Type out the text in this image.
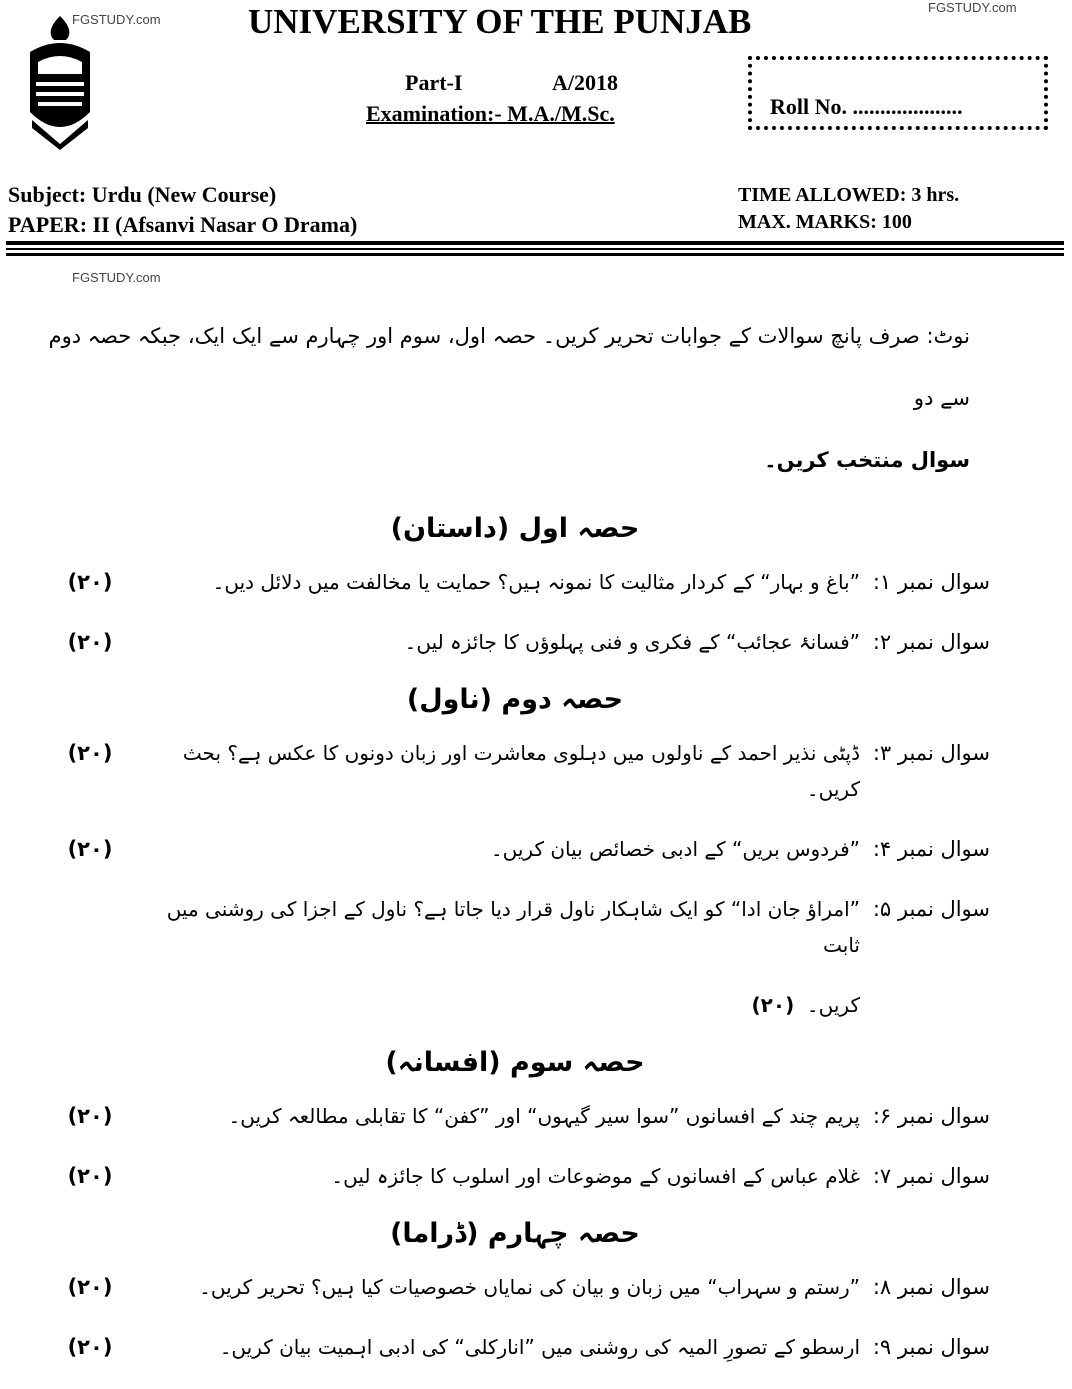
FGSTUDY.com
FGSTUDY.com
FGSTUDY.com
UNIVERSITY OF THE PUNJAB
Part-I	A/2018
Examination:- M.A./M.Sc.	Roll No. ....................
Subject: Urdu (New Course)
PAPER: II (Afsanvi Nasar O Drama)
TIME ALLOWED: 3 hrs.
MAX. MARKS: 100
نوٹ: صرف پانچ سوالات کے جوابات تحریر کریں۔ حصہ اول، سوم اور چہارم سے ایک ایک، جبکہ حصہ دوم سے دو
سوال منتخب کریں۔
حصہ اول (داستان)
سوال نمبر ۱:
”باغ و بہار“ کے کردار مثالیت کا نمونہ ہیں؟ حمایت یا مخالفت میں دلائل دیں۔
(۲۰)
سوال نمبر ۲:
”فسانۂ عجائب“ کے فکری و فنی پہلوؤں کا جائزہ لیں۔
(۲۰)
حصہ دوم (ناول)
سوال نمبر ۳:
ڈپٹی نذیر احمد کے ناولوں میں دہلوی معاشرت اور زبان دونوں کا عکس ہے؟ بحث کریں۔
(۲۰)
سوال نمبر ۴:
”فردوس بریں“ کے ادبی خصائص بیان کریں۔
(۲۰)
سوال نمبر ۵:
”امراؤ جان ادا“ کو ایک شاہکار ناول قرار دیا جاتا ہے؟ ناول کے اجزا کی روشنی میں ثابت
کریں۔  (۲۰)
حصہ سوم (افسانہ)
سوال نمبر ۶:
پریم چند کے افسانوں ”سوا سیر گیہوں“ اور ”کفن“ کا تقابلی مطالعہ کریں۔
(۲۰)
سوال نمبر ۷:
غلام عباس کے افسانوں کے موضوعات اور اسلوب کا جائزہ لیں۔
(۲۰)
حصہ چہارم (ڈراما)
سوال نمبر ۸:
”رستم و سہراب“ میں زبان و بیان کی نمایاں خصوصیات کیا ہیں؟ تحریر کریں۔
(۲۰)
سوال نمبر ۹:
ارسطو کے تصورِ المیہ کی روشنی میں ”انارکلی“ کی ادبی اہمیت بیان کریں۔
(۲۰)
